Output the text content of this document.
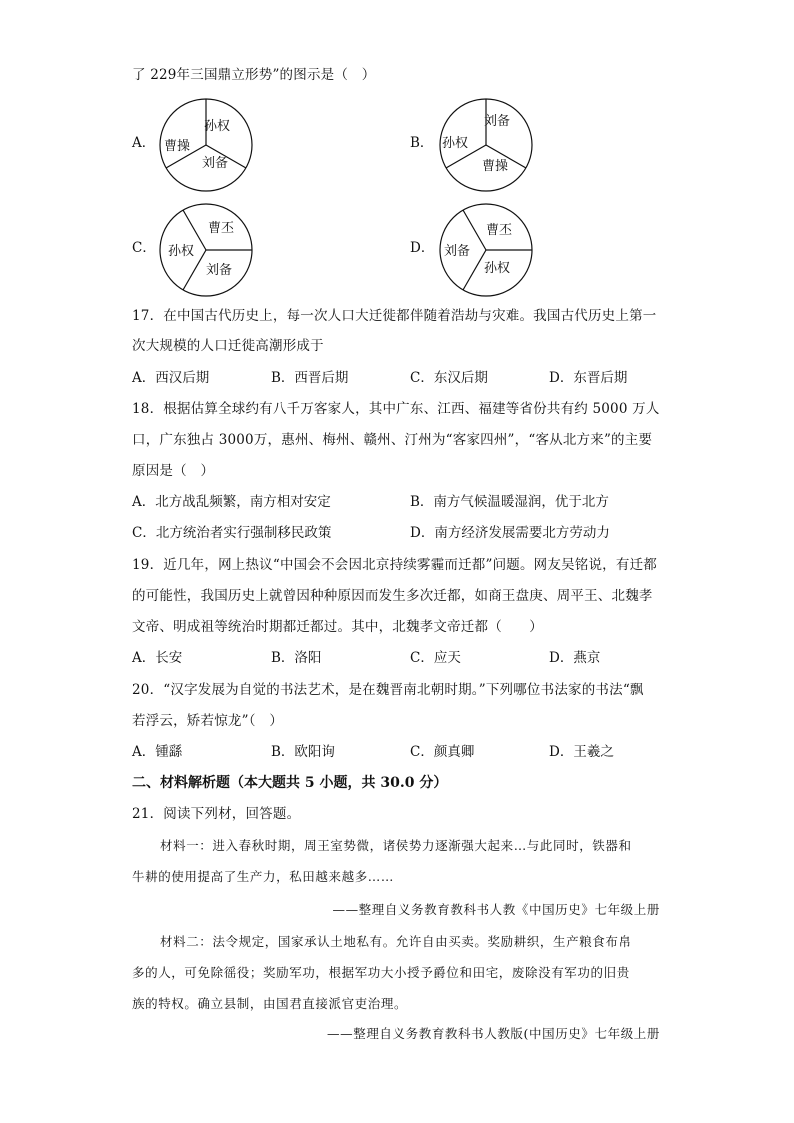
了 229年三国鼎立形势”的图示是（　）
A．
孙权
刘备
曹操	B．
刘备
曹操
孙权
C．
曹丕
刘备
孙权	D．
曹丕
孙权
刘备
17．在中国古代历史上，每一次人口大迁徙都伴随着浩劫与灾难。我国古代历史上第一
次大规模的人口迁徙高潮形成于
A．西汉后期	B．西晋后期	C．东汉后期	D．东晋后期
18．根据估算全球约有八千万客家人，其中广东、江西、福建等省份共有约 5000 万人
口，广东独占 3000万，惠州、梅州、赣州、汀州为“客家四州”，“客从北方来”的主要
原因是（　）
A．北方战乱频繁，南方相对安定	B．南方气候温暖湿润，优于北方
C．北方统治者实行强制移民政策	D．南方经济发展需要北方劳动力
19．近几年，网上热议“中国会不会因北京持续雾霾而迁都”问题。网友吴铭说，有迁都
的可能性，我国历史上就曾因种种原因而发生多次迁都，如商王盘庚、周平王、北魏孝
文帝、明成祖等统治时期都迁都过。其中，北魏孝文帝迁都（　　）
A．长安	B．洛阳	C．应天	D．燕京
20．“汉字发展为自觉的书法艺术，是在魏晋南北朝时期。”下列哪位书法家的书法“飘
若浮云，矫若惊龙”（　）
A．锺繇	B．欧阳询	C．颜真卿	D．王羲之
二、材料解析题（本大题共 5 小题，共 30.0 分）
21．阅读下列材，回答题。
材料一：进入春秋时期，周王室势微，诸侯势力逐渐强大起来…与此同时，铁器和
牛耕的使用提高了生产力，私田越来越多……
——整理自义务教育教科书人教《中国历史》七年级上册
材料二：法令规定，国家承认土地私有。允许自由买卖。奖励耕织，生产粮食布帛
多的人，可免除徭役；奖励军功，根据军功大小授予爵位和田宅，废除没有军功的旧贵
族的特权。确立县制，由国君直接派官吏治理。
——整理自义务教育教科书人教版(中国历史》七年级上册
